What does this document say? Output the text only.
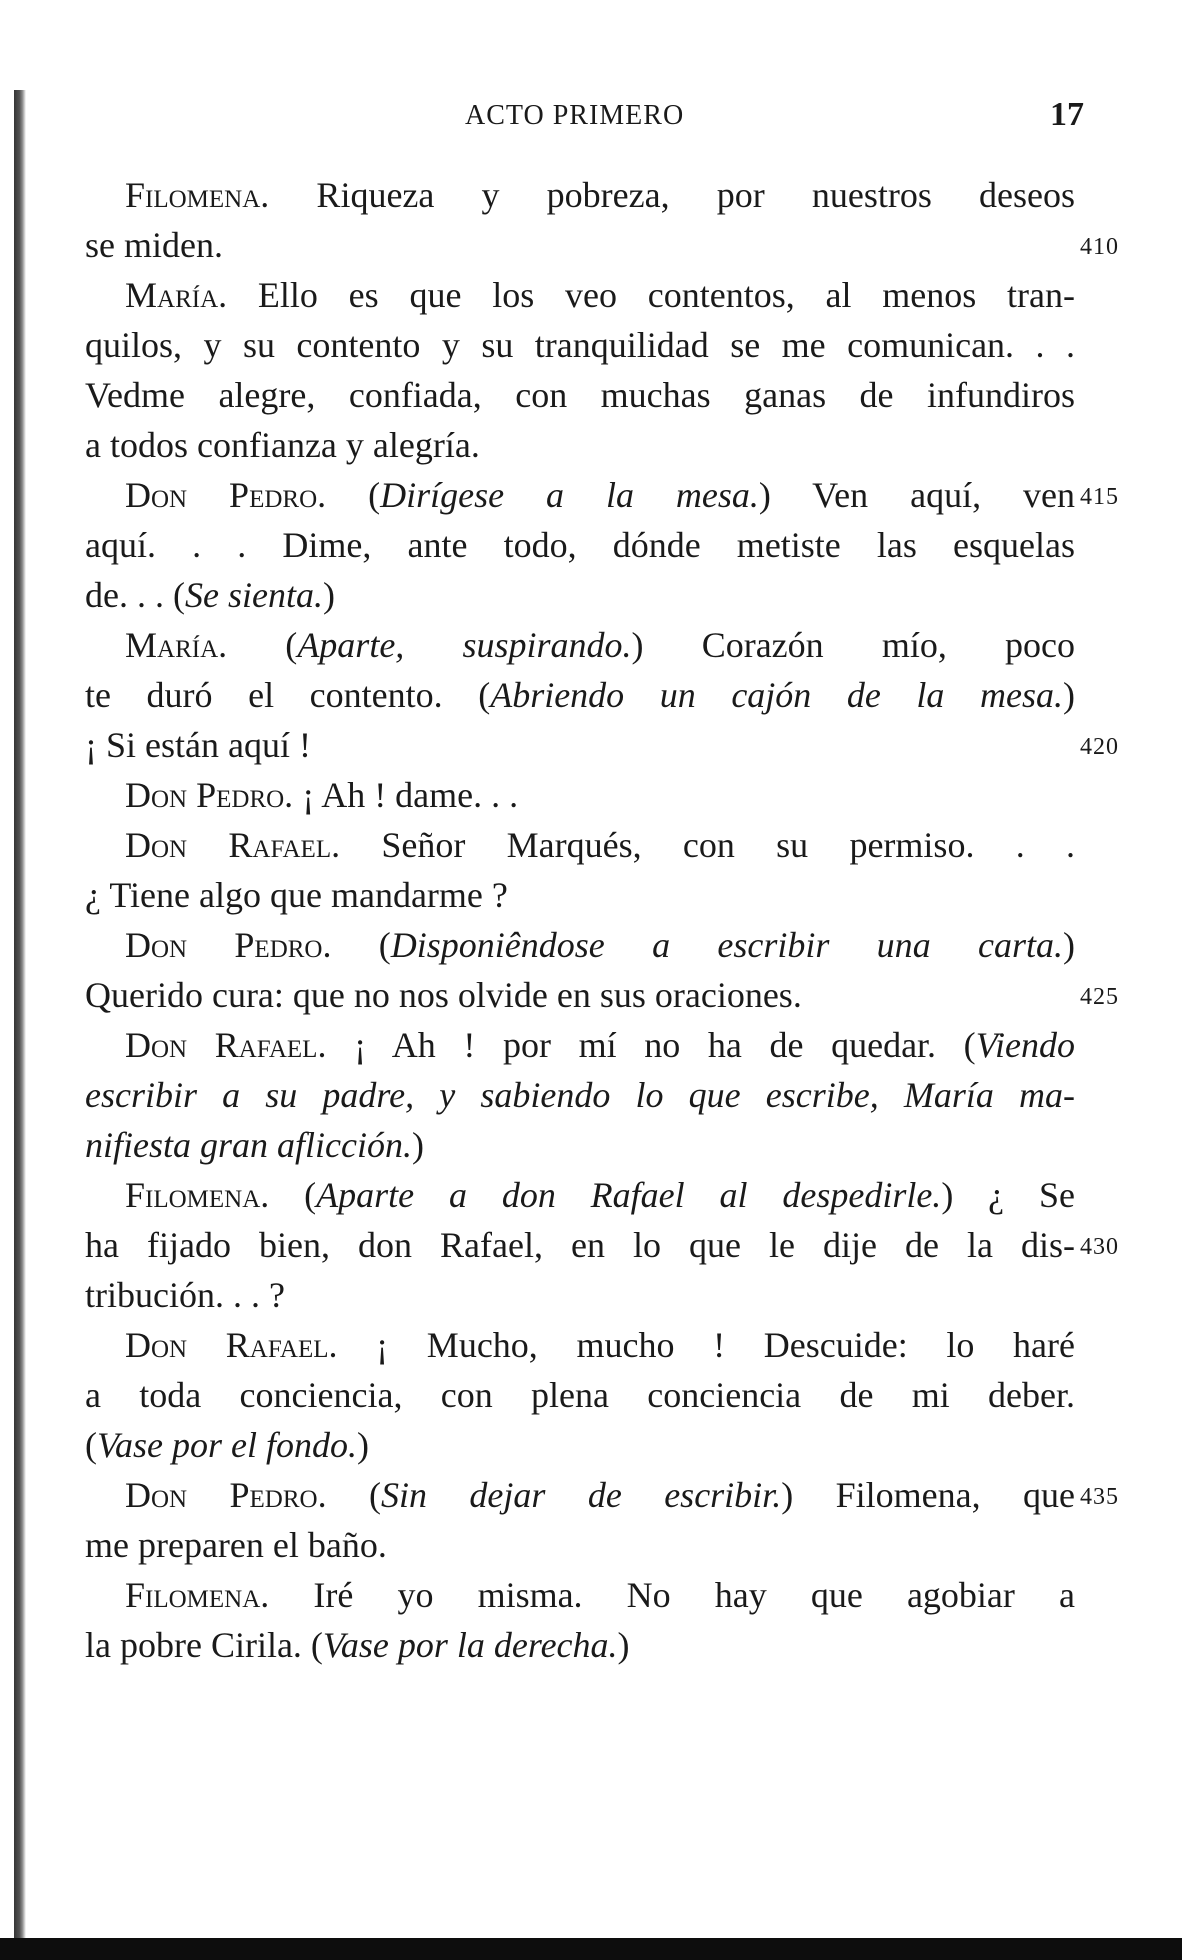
ACTO PRIMERO	17
Filomena. Riqueza y pobreza, por nuestros deseos
se miden.	410
María. Ello es que los veo contentos, al menos tran-
quilos, y su contento y su tranquilidad se me comunican. . .
Vedme alegre, confiada, con muchas ganas de infundiros
a todos confianza y alegría.
Don Pedro. (Dirígese a la mesa.) Ven aquí, ven 415
aquí. . . Dime, ante todo, dónde metiste las esquelas
de. . . (Se sienta.)
María. (Aparte, suspirando.) Corazón mío, poco
te duró el contento. (Abriendo un cajón de la mesa.)
¡ Si están aquí !	420
Don Pedro. ¡ Ah ! dame. . .
Don Rafael. Señor Marqués, con su permiso. . .
¿ Tiene algo que mandarme ?
Don Pedro. (Disponiêndose a escribir una carta.)
Querido cura: que no nos olvide en sus oraciones.	425
Don Rafael. ¡ Ah ! por mí no ha de quedar. (Viendo
escribir a su padre, y sabiendo lo que escribe, María ma-
nifiesta gran aflicción.)
Filomena. (Aparte a don Rafael al despedirle.) ¿ Se
ha fijado bien, don Rafael, en lo que le dije de la dis- 430
tribución. . . ?
Don Rafael. ¡ Mucho, mucho ! Descuide: lo haré
a toda conciencia, con plena conciencia de mi deber.
(Vase por el fondo.)
Don Pedro. (Sin dejar de escribir.) Filomena, que 435
me preparen el baño.
Filomena. Iré yo misma. No hay que agobiar a
la pobre Cirila. (Vase por la derecha.)
